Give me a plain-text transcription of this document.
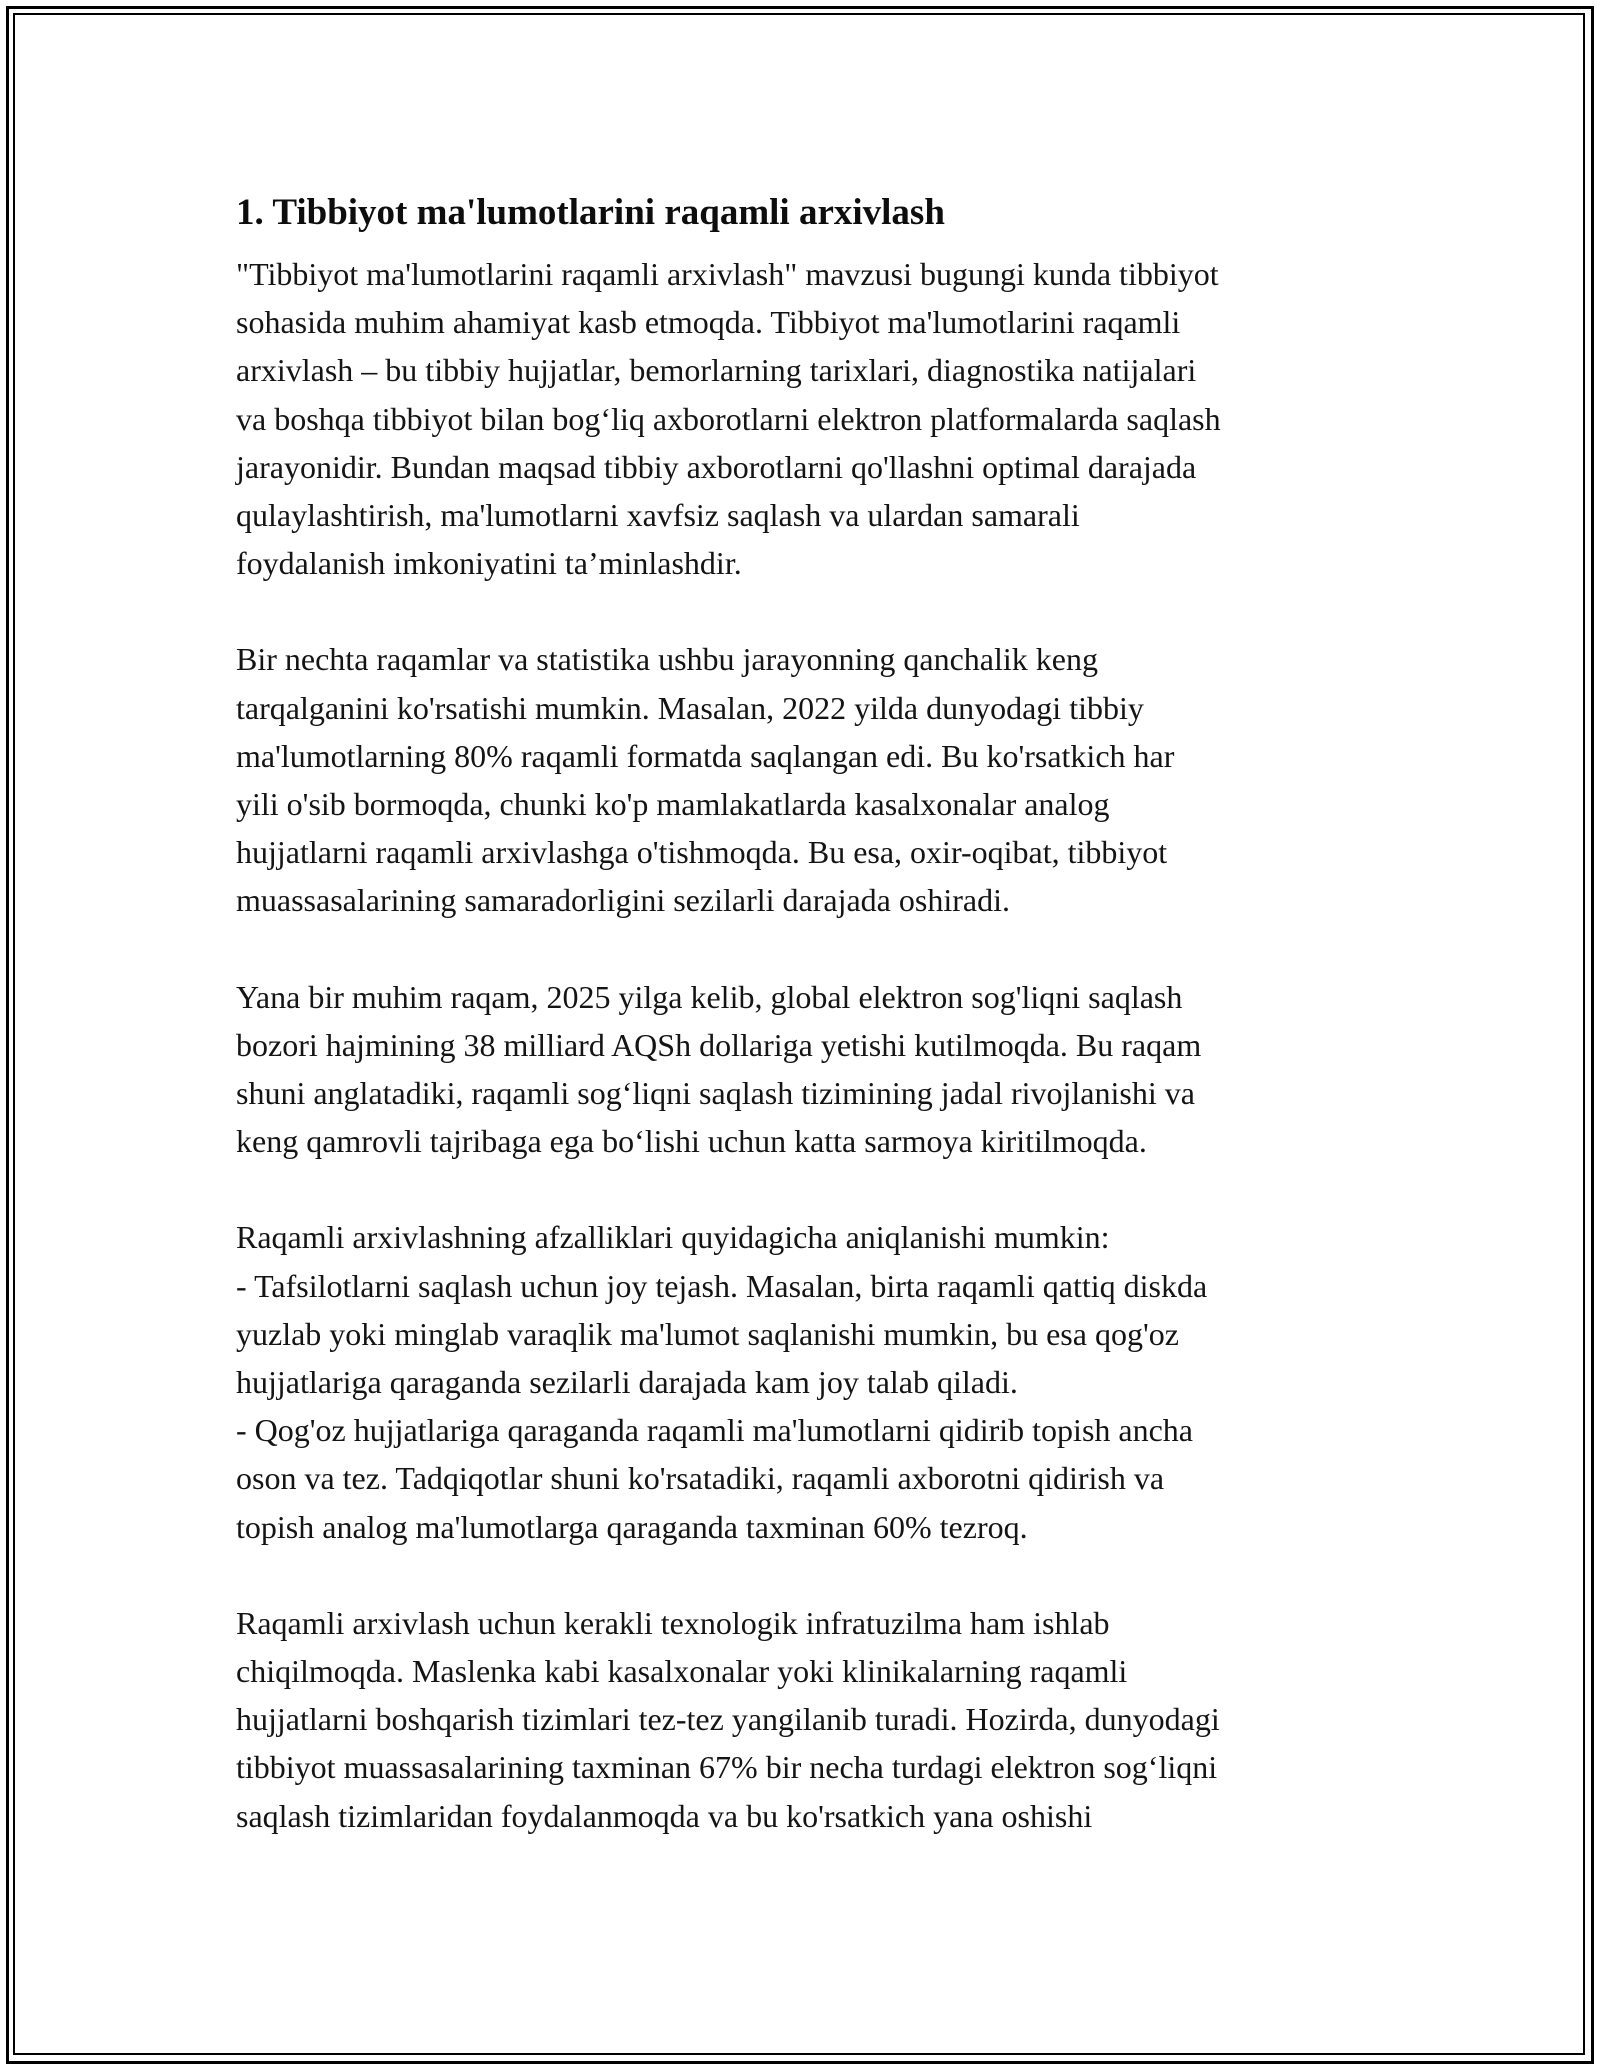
1. Tibbiyot ma'lumotlarini raqamli arxivlash

"Tibbiyot ma'lumotlarini raqamli arxivlash" mavzusi bugungi kunda tibbiyot
sohasida muhim ahamiyat kasb etmoqda. Tibbiyot ma'lumotlarini raqamli
arxivlash – bu tibbiy hujjatlar, bemorlarning tarixlari, diagnostika natijalari
va boshqa tibbiyot bilan bog‘liq axborotlarni elektron platformalarda saqlash
jarayonidir. Bundan maqsad tibbiy axborotlarni qo'llashni optimal darajada
qulaylashtirish, ma'lumotlarni xavfsiz saqlash va ulardan samarali
foydalanish imkoniyatini ta’minlashdir.

Bir nechta raqamlar va statistika ushbu jarayonning qanchalik keng
tarqalganini ko'rsatishi mumkin. Masalan, 2022 yilda dunyodagi tibbiy
ma'lumotlarning 80% raqamli formatda saqlangan edi. Bu ko'rsatkich har
yili o'sib bormoqda, chunki ko'p mamlakatlarda kasalxonalar analog
hujjatlarni raqamli arxivlashga o'tishmoqda. Bu esa, oxir-oqibat, tibbiyot
muassasalarining samaradorligini sezilarli darajada oshiradi.

Yana bir muhim raqam, 2025 yilga kelib, global elektron sog'liqni saqlash
bozori hajmining 38 milliard AQSh dollariga yetishi kutilmoqda. Bu raqam
shuni anglatadiki, raqamli sog‘liqni saqlash tizimining jadal rivojlanishi va
keng qamrovli tajribaga ega bo‘lishi uchun katta sarmoya kiritilmoqda.

Raqamli arxivlashning afzalliklari quyidagicha aniqlanishi mumkin:
- Tafsilotlarni saqlash uchun joy tejash. Masalan, birta raqamli qattiq diskda
yuzlab yoki minglab varaqlik ma'lumot saqlanishi mumkin, bu esa qog'oz
hujjatlariga qaraganda sezilarli darajada kam joy talab qiladi.
- Qog'oz hujjatlariga qaraganda raqamli ma'lumotlarni qidirib topish ancha
oson va tez. Tadqiqotlar shuni ko'rsatadiki, raqamli axborotni qidirish va
topish analog ma'lumotlarga qaraganda taxminan 60% tezroq.

Raqamli arxivlash uchun kerakli texnologik infratuzilma ham ishlab
chiqilmoqda. Maslenka kabi kasalxonalar yoki klinikalarning raqamli
hujjatlarni boshqarish tizimlari tez-tez yangilanib turadi. Hozirda, dunyodagi
tibbiyot muassasalarining taxminan 67% bir necha turdagi elektron sog‘liqni
saqlash tizimlaridan foydalanmoqda va bu ko'rsatkich yana oshishi
